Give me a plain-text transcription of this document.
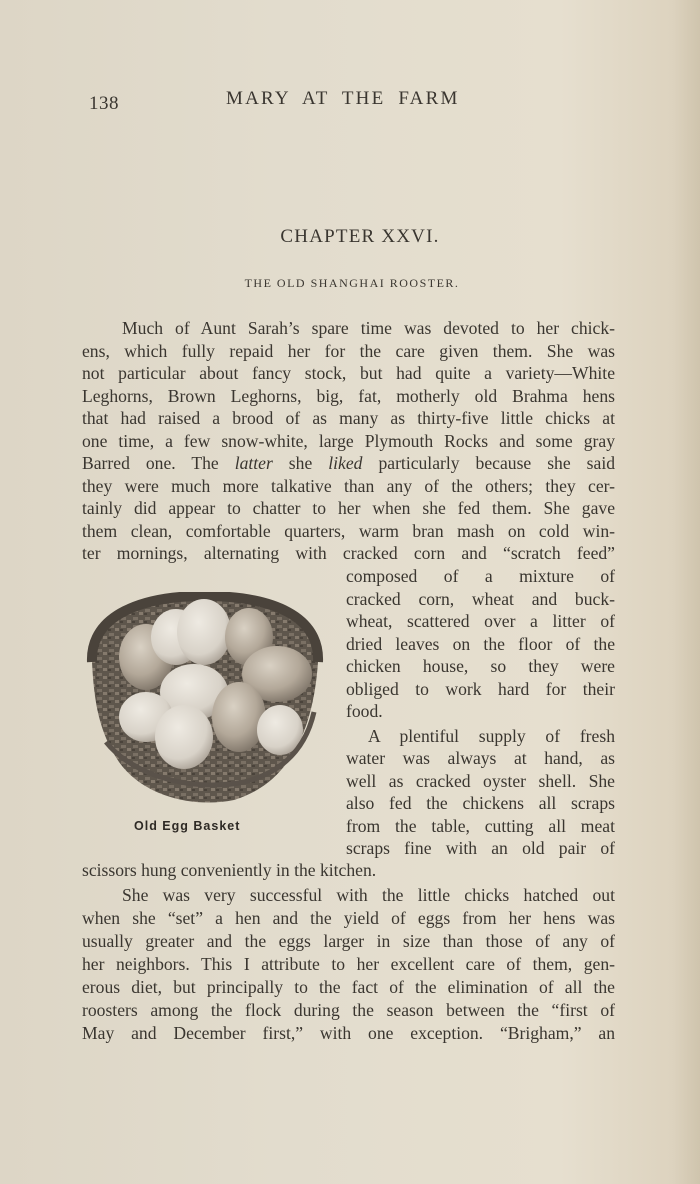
138	MARY AT THE FARM
CHAPTER XXVI.
THE OLD SHANGHAI ROOSTER.
Much of Aunt Sarah’s spare time was devoted to her chick-
ens, which fully repaid her for the care given them. She was
not particular about fancy stock, but had quite a variety—White
Leghorns, Brown Leghorns, big, fat, motherly old Brahma hens
that had raised a brood of as many as thirty-five little chicks at
one time, a few snow-white, large Plymouth Rocks and some gray
Barred one. The latter she liked particularly because she said
they were much more talkative than any of the others; they cer-
tainly did appear to chatter to her when she fed them. She gave
them clean, comfortable quarters, warm bran mash on cold win-
ter mornings, alternating with cracked corn and “scratch feed”
composed of a mixture of
cracked corn, wheat and buck-
wheat, scattered over a litter of
dried leaves on the floor of the
chicken house, so they were
obliged to work hard for their
food.
A plentiful supply of fresh
water was always at hand, as
well as cracked oyster shell. She
also fed the chickens all scraps
from the table, cutting all meat
scraps fine with an old pair of
Old Egg Basket
scissors hung conveniently in the kitchen.
She was very successful with the little chicks hatched out
when she “set” a hen and the yield of eggs from her hens was
usually greater and the eggs larger in size than those of any of
her neighbors. This I attribute to her excellent care of them, gen-
erous diet, but principally to the fact of the elimination of all the
roosters among the flock during the season between the “first of
May and December first,” with one exception. “Brigham,” an
